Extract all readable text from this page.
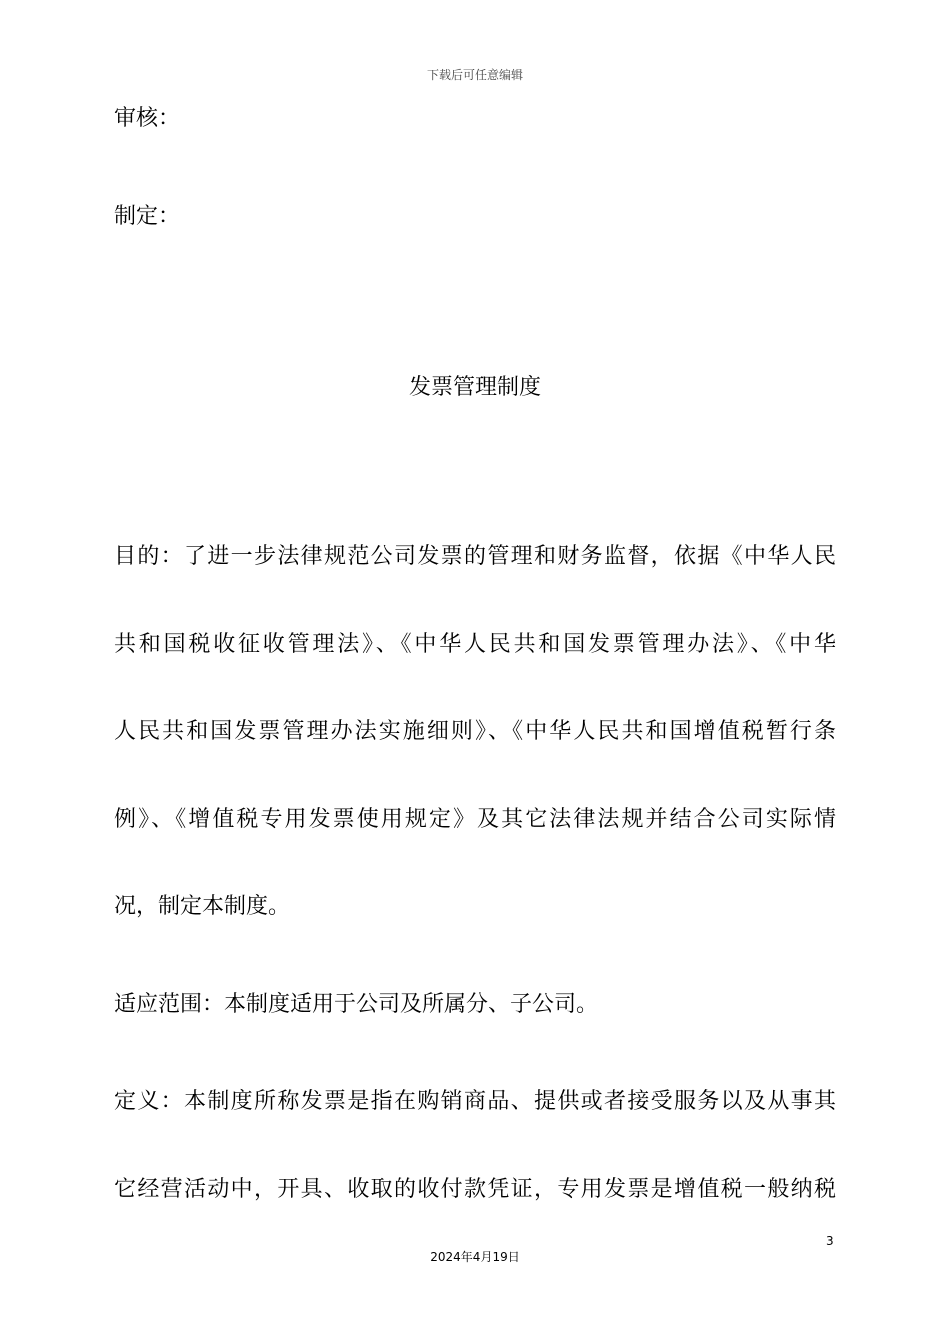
下载后可任意编辑
审核：
制定：
发票管理制度
目的：了进一步法律规范公司发票的管理和财务监督，依据《中华人民
共和国税收征收管理法》、《中华人民共和国发票管理办法》、《中华
人民共和国发票管理办法实施细则》、《中华人民共和国增值税暂行条
例》、《增值税专用发票使用规定》及其它法律法规并结合公司实际情
况，制定本制度。
适应范围：本制度适用于公司及所属分、子公司。
定义：本制度所称发票是指在购销商品、提供或者接受服务以及从事其
它经营活动中，开具、收取的收付款凭证，专用发票是增值税一般纳税
3
2024年4月19日
